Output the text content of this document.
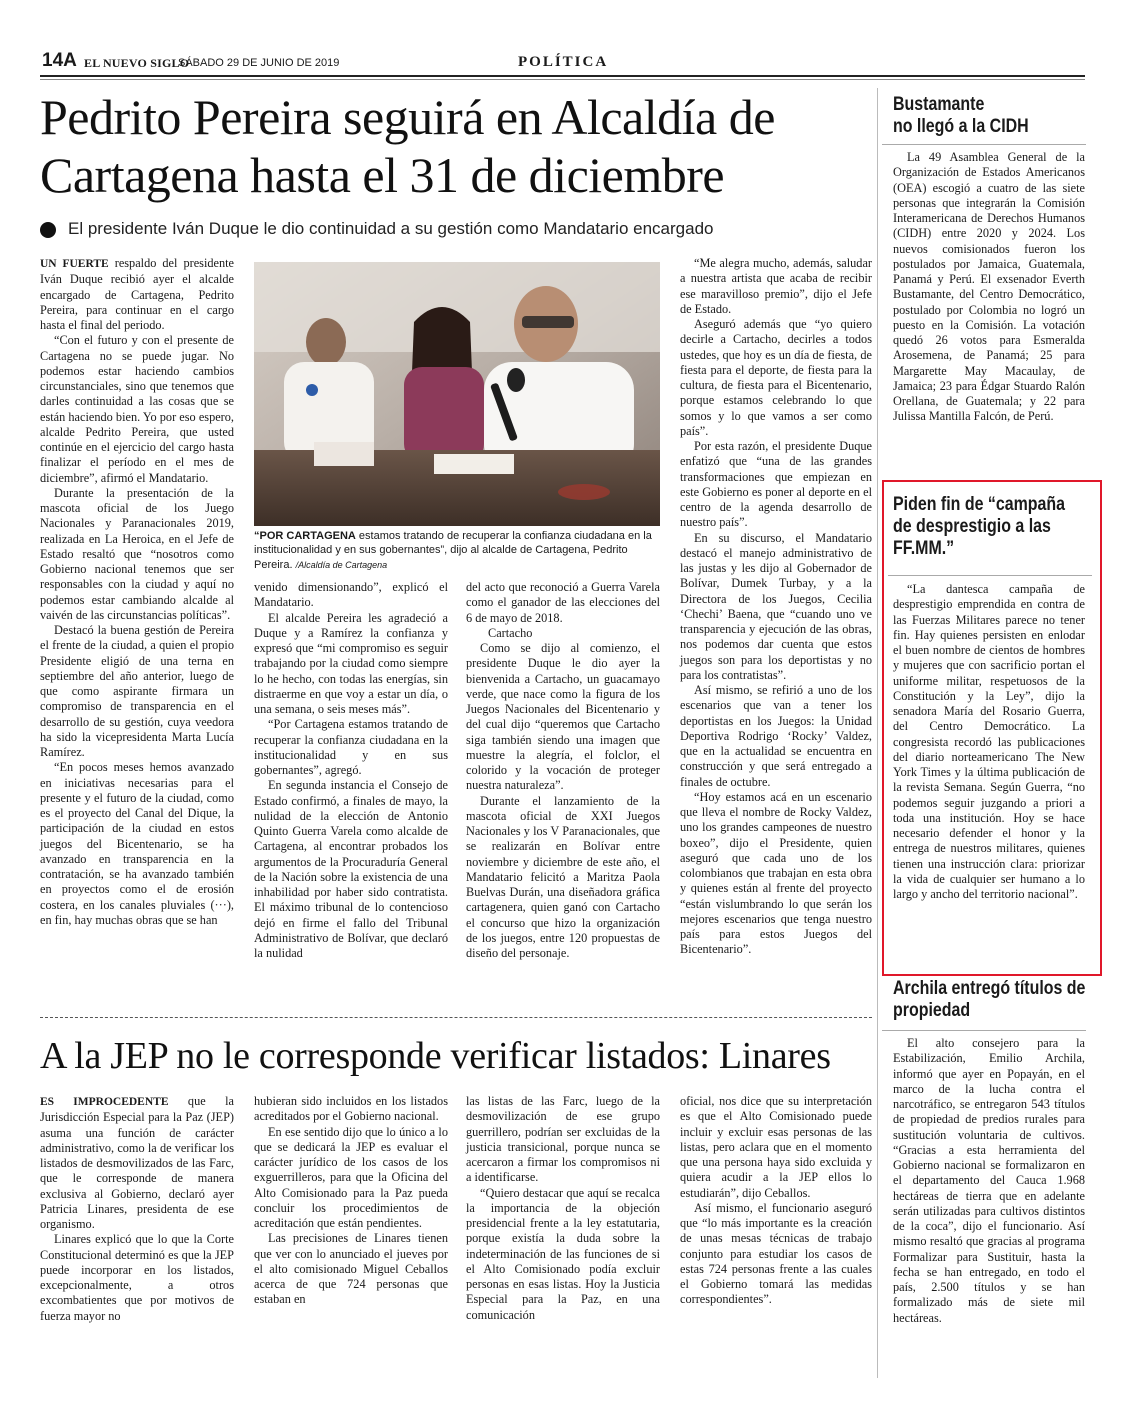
14A EL NUEVO SIGLO
SÁBADO 29 DE JUNIO DE 2019	POLÍTICA
Pedrito Pereira seguirá en Alcaldía de
Cartagena hasta el 31 de diciembre
El presidente Iván Duque le dio continuidad a su gestión como Mandatario encargado

UN FUERTE respaldo del presidente Iván Duque recibió ayer el alcalde encargado de Cartagena, Pedrito Pereira, para continuar en el cargo hasta el final del periodo.

“Con el futuro y con el presente de Cartagena no se puede jugar. No podemos estar haciendo cambios circunstanciales, sino que tenemos que darles continuidad a las cosas que se están haciendo bien. Yo por eso espero, alcalde Pedrito Pereira, que usted continúe en el ejercicio del cargo hasta finalizar el período en el mes de diciembre”, afirmó el Mandatario.

Durante la presentación de la mascota oficial de los Juego Nacionales y Paranacionales 2019, realizada en La Heroica, en el Jefe de Estado resaltó que “nosotros como Gobierno nacional tenemos que ser responsables con la ciudad y aquí no podemos estar cambiando alcalde al vaivén de las circunstancias políticas”.

Destacó la buena gestión de Pereira el frente de la ciudad, a quien el propio Presidente eligió de una terna en septiembre del año anterior, luego de que como aspirante firmara un compromiso de transparencia en el desarrollo de su gestión, cuya veedora ha sido la vicepresidenta Marta Lucía Ramírez.

“En pocos meses hemos avanzado en iniciativas necesarias para el presente y el futuro de la ciudad, como es el proyecto del Canal del Dique, la participación de la ciudad en estos juegos del Bicentenario, se ha avanzado en transparencia en la contratación, se ha avanzado también en proyectos como el de erosión costera, en los canales pluviales (···), en fin, hay muchas obras que se han

“POR CARTAGENA estamos tratando de recuperar la confianza ciudadana en la institucionalidad y en sus gobernantes”, dijo al alcalde de Cartagena, Pedrito Pereira. /Alcaldía de Cartagena

venido dimensionando”, explicó el Mandatario.

El alcalde Pereira les agradeció a Duque y a Ramírez la confianza y expresó que “mi compromiso es seguir trabajando por la ciudad como siempre lo he hecho, con todas las energías, sin distraerme en que voy a estar un día, o una semana, o seis meses más”.

“Por Cartagena estamos tratando de recuperar la confianza ciudadana en la institucionalidad y en sus gobernantes”, agregó.

En segunda instancia el Consejo de Estado confirmó, a finales de mayo, la nulidad de la elección de Antonio Quinto Guerra Varela como alcalde de Cartagena, al encontrar probados los argumentos de la Procuraduría General de la Nación sobre la existencia de una inhabilidad por haber sido contratista. El máximo tribunal de lo contencioso dejó en firme el fallo del Tribunal Administrativo de Bolívar, que declaró la nulidad

del acto que reconoció a Guerra Varela como el ganador de las elecciones del 6 de mayo de 2018.

Cartacho

Como se dijo al comienzo, el presidente Duque le dio ayer la bienvenida a Cartacho, un guacamayo verde, que nace como la figura de los Juegos Nacionales del Bicentenario y del cual dijo “queremos que Cartacho siga también siendo una imagen que muestre la alegría, el folclor, el colorido y la vocación de proteger nuestra naturaleza”.

Durante el lanzamiento de la mascota oficial de XXI Juegos Nacionales y los V Paranacionales, que se realizarán en Bolívar entre noviembre y diciembre de este año, el Mandatario felicitó a Maritza Paola Buelvas Durán, una diseñadora gráfica cartagenera, quien ganó con Cartacho el concurso que hizo la organización de los juegos, entre 120 propuestas de diseño del personaje.

“Me alegra mucho, además, saludar a nuestra artista que acaba de recibir ese maravilloso premio”, dijo el Jefe de Estado.

Aseguró además que “yo quiero decirle a Cartacho, decirles a todos ustedes, que hoy es un día de fiesta, de fiesta para el deporte, de fiesta para la cultura, de fiesta para el Bicentenario, porque estamos celebrando lo que somos y lo que vamos a ser como país”.

Por esta razón, el presidente Duque enfatizó que “una de las grandes transformaciones que empiezan en este Gobierno es poner al deporte en el centro de la agenda desarrollo de nuestro país”.

En su discurso, el Mandatario destacó el manejo administrativo de las justas y les dijo al Gobernador de Bolívar, Dumek Turbay, y a la Directora de los Juegos, Cecilia ‘Chechi’ Baena, que “cuando uno ve transparencia y ejecución de las obras, nos podemos dar cuenta que estos juegos son para los deportistas y no para los contratistas”.

Así mismo, se refirió a uno de los escenarios que van a tener los deportistas en los Juegos: la Unidad Deportiva Rodrigo ‘Rocky’ Valdez, que en la actualidad se encuentra en construcción y que será entregado a finales de octubre.

“Hoy estamos acá en un escenario que lleva el nombre de Rocky Valdez, uno los grandes campeones de nuestro boxeo”, dijo el Presidente, quien aseguró que cada uno de los colombianos que trabajan en esta obra y quienes están al frente del proyecto “están vislumbrando lo que serán los mejores escenarios que tenga nuestro país para estos Juegos del Bicentenario”.

Bustamante
no llegó a la CIDH

La 49 Asamblea General de la Organización de Estados Americanos (OEA) escogió a cuatro de las siete personas que integrarán la Comisión Interamericana de Derechos Humanos (CIDH) entre 2020 y 2024. Los nuevos comisionados fueron los postulados por Jamaica, Guatemala, Panamá y Perú. El exsenador Everth Bustamante, del Centro Democrático, postulado por Colombia no logró un puesto en la Comisión. La votación quedó 26 votos para Esmeralda Arosemena, de Panamá; 25 para Margarette May Macaulay, de Jamaica; 23 para Édgar Stuardo Ralón Orellana, de Guatemala; y 22 para Julissa Mantilla Falcón, de Perú.

Piden fin de “campaña
de desprestigio a las
FF.MM.”

“La dantesca campaña de desprestigio emprendida en contra de las Fuerzas Militares parece no tener fin. Hay quienes persisten en enlodar el buen nombre de cientos de hombres y mujeres que con sacrificio portan el uniforme militar, respetuosos de la Constitución y la Ley”, dijo la senadora María del Rosario Guerra, del Centro Democrático. La congresista recordó las publicaciones del diario norteamericano The New York Times y la última publicación de la revista Semana. Según Guerra, “no podemos seguir juzgando a priori a toda una institución. Hoy se hace necesario defender el honor y la entrega de nuestros militares, quienes tienen una instrucción clara: priorizar la vida de cualquier ser humano a lo largo y ancho del territorio nacional”.

Archila entregó títulos de
propiedad

El alto consejero para la Estabilización, Emilio Archila, informó que ayer en Popayán, en el marco de la lucha contra el narcotráfico, se entregaron 543 títulos de propiedad de predios rurales para sustitución voluntaria de cultivos. “Gracias a esta herramienta del Gobierno nacional se formalizaron en el departamento del Cauca 1.968 hectáreas de tierra que en adelante serán utilizadas para cultivos distintos de la coca”, dijo el funcionario. Así mismo resaltó que gracias al programa Formalizar para Sustituir, hasta la fecha se han entregado, en todo el país, 2.500 títulos y se han formalizado más de siete mil hectáreas.

A la JEP no le corresponde verificar listados: Linares

ES IMPROCEDENTE que la Jurisdicción Especial para la Paz (JEP) asuma una función de carácter administrativo, como la de verificar los listados de desmovilizados de las Farc, que le corresponde de manera exclusiva al Gobierno, declaró ayer Patricia Linares, presidenta de ese organismo.

Linares explicó que lo que la Corte Constitucional determinó es que la JEP puede incorporar en los listados, excepcionalmente, a otros excombatientes que por motivos de fuerza mayor no

hubieran sido incluidos en los listados acreditados por el Gobierno nacional.

En ese sentido dijo que lo único a lo que se dedicará la JEP es evaluar el carácter jurídico de los casos de los exguerrilleros, para que la Oficina del Alto Comisionado para la Paz pueda concluir los procedimientos de acreditación que están pendientes.

Las precisiones de Linares tienen que ver con lo anunciado el jueves por el alto comisionado Miguel Ceballos acerca de que 724 personas que estaban en

las listas de las Farc, luego de la desmovilización de ese grupo guerrillero, podrían ser excluidas de la justicia transicional, porque nunca se acercaron a firmar los compromisos ni a identificarse.

“Quiero destacar que aquí se recalca la importancia de la objeción presidencial frente a la ley estatutaria, porque existía la duda sobre la indeterminación de las funciones de si el Alto Comisionado podía excluir personas en esas listas. Hoy la Justicia Especial para la Paz, en una comunicación

oficial, nos dice que su interpretación es que el Alto Comisionado puede incluir y excluir esas personas de las listas, pero aclara que en el momento que una persona haya sido excluida y quiera acudir a la JEP ellos lo estudiarán”, dijo Ceballos.

Así mismo, el funcionario aseguró que “lo más importante es la creación de unas mesas técnicas de trabajo conjunto para estudiar los casos de estas 724 personas frente a las cuales el Gobierno tomará las medidas correspondientes”.
